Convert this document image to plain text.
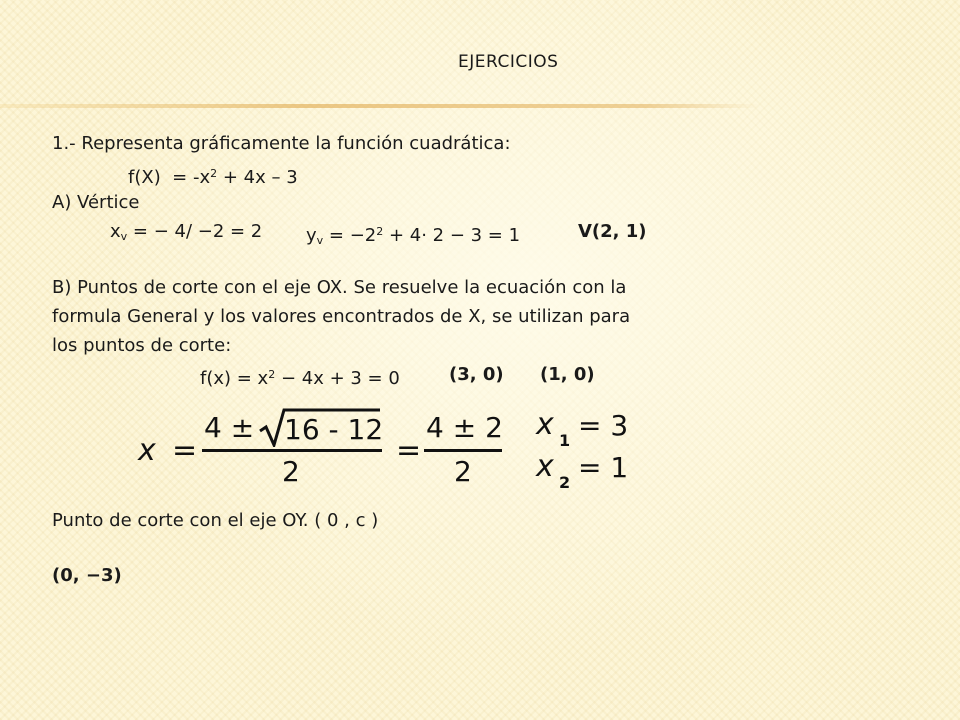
EJERCICIOS
1.- Representa gráficamente la función cuadrática:
$f(X) = -x^2 + 4x - 3$
A) Vértice
$x_v$ = − 4/ −2 = 2 $y_v = -2^2 + 4\cdot 2 - 3 = 1$	V(2, 1)
B) Puntos de corte con el eje OX. Se resuelve la ecuación con la
formula General y los valores encontrados de X, se utilizan para
los puntos de corte:
$f(x) = x^2 - 4x + 3 = 0$	(3, 0) (1, 0)
x =
4 ± 16 - 12
2
=
4 ± 2
2
x 1 = 3
x 2 = 1
Punto de corte con el eje OY. ( 0 , c )
(0, −3)
